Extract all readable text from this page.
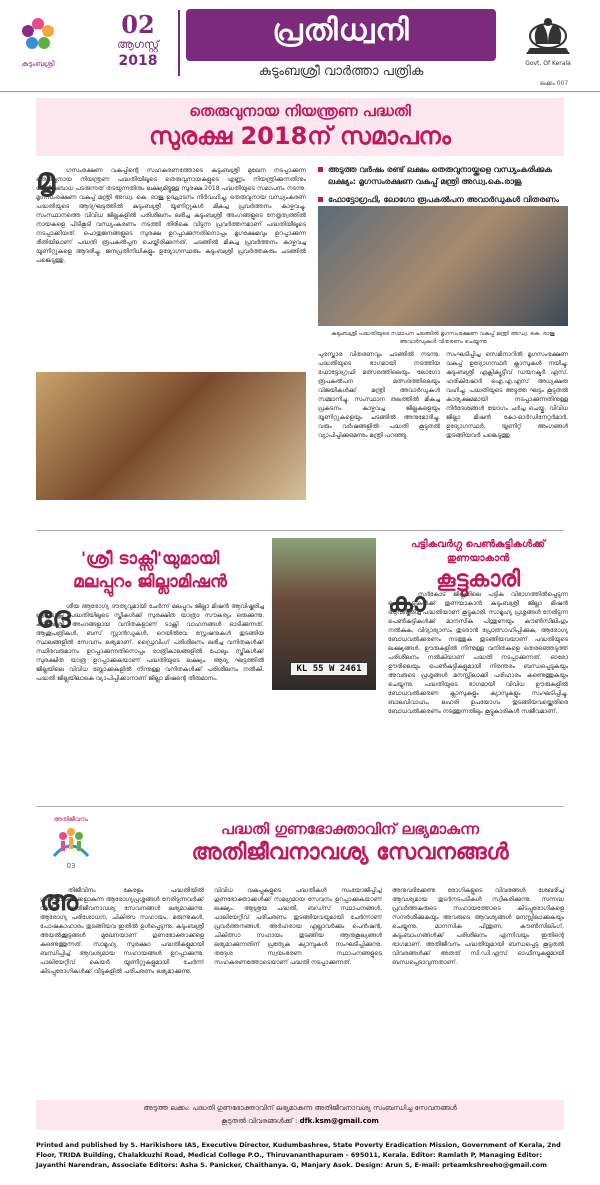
കുടുംബശ്രീ
02
ആഗസ്റ്റ്
2018
പ്രതിധ്വനി
കുടുംബശ്രീ വാർത്താ പത്രിക
Govt. Of Kerala
ലക്കം 007
തെരുവുനായ നിയന്ത്രണ പദ്ധതി
സുരക്ഷ 2018ന് സമാപനം
മൃ	ഗസംരക്ഷണ വകുപ്പിന്റെ സഹകരണത്തോടെ കുടുംബശ്രീ മുഖേന നടപ്പാക്കുന്ന തെരുവുനായ നിയന്ത്രണ പദ്ധതിയിലൂടെ തെരുവുനായകളുടെ എണ്ണം നിയന്ത്രിക്കുന്നതിനും പേവിഷബാധ പടരുന്നത് തടയുന്നതിനും ലക്ഷ്യമിട്ടുള്ള സുരക്ഷ 2018 പദ്ധതിയുടെ സമാപനം നടന്നു. മൃഗസംരക്ഷണ വകുപ്പ് മന്ത്രി അഡ്വ. കെ. രാജു ഉദ്ഘാടനം നിർവഹിച്ചു. തെരുവുനായ വന്ധ്യംകരണ പദ്ധതിയുടെ ആദ്യഘട്ടത്തിൽ കുടുംബശ്രീ യൂണിറ്റുകൾ മികച്ച പ്രവർത്തനം കാഴ്ചവച്ചു. സംസ്ഥാനത്തെ വിവിധ ജില്ലകളിൽ പരിശീലനം ലഭിച്ച കുടുംബശ്രീ അംഗങ്ങളുടെ നേതൃത്വത്തിൽ നായകളെ പിടികൂടി വന്ധ്യംകരണം നടത്തി തിരികെ വിടുന്ന പ്രവർത്തനമാണ് പദ്ധതിയിലൂടെ നടപ്പാക്കിയത്. പൊതുജനങ്ങളുടെ സുരക്ഷ ഉറപ്പാക്കുന്നതിനൊപ്പം മൃഗക്ഷേമവും ഉറപ്പാക്കുന്ന രീതിയിലാണ് പദ്ധതി രൂപകൽപ്പന ചെയ്തിരിക്കുന്നത്. ചടങ്ങിൽ മികച്ച പ്രവർത്തനം കാഴ്ചവച്ച യൂണിറ്റുകളെ ആദരിച്ചു. ജനപ്രതിനിധികളും ഉദ്യോഗസ്ഥരും കുടുംബശ്രീ പ്രവർത്തകരും ചടങ്ങിൽ പങ്കെടുത്തു.
അടുത്ത വർഷം രണ്ട് ലക്ഷം തെരുവുനായ്ക്കളെ വന്ധ്യംകരിക്കുക ലക്ഷ്യം: മൃഗസംരക്ഷണ വകുപ്പ് മന്ത്രി അഡ്വ.കെ.രാജു
ഫോട്ടോഗ്രഫി, ലോഗോ രൂപകൽപന അവാർഡുകൾ വിതരണം
കുടുംബശ്രീ പദ്ധതിയുടെ സമാപന ചടങ്ങിൽ മൃഗസംരക്ഷണ വകുപ്പ് മന്ത്രി അഡ്വ. കെ. രാജു അവാർഡുകൾ വിതരണം ചെയ്യുന്നു
പുരസ്കാര വിതരണവും ചടങ്ങിൽ നടന്നു. പദ്ധതിയുടെ ഭാഗമായി നടത്തിയ ഫോട്ടോഗ്രഫി മത്സരത്തിലെയും ലോഗോ രൂപകൽപന മത്സരത്തിലെയും വിജയികൾക്ക് മന്ത്രി അവാർഡുകൾ സമ്മാനിച്ചു. സംസ്ഥാന തലത്തിൽ മികച്ച പ്രകടനം കാഴ്ചവച്ച ജില്ലകളെയും യൂണിറ്റുകളെയും ചടങ്ങിൽ അനുമോദിച്ചു. വരും വർഷങ്ങളിൽ പദ്ധതി കൂടുതൽ വ്യാപിപ്പിക്കുമെന്നും മന്ത്രി പറഞ്ഞു.
സംഘടിപ്പിച്ച സെമിനാറിൽ മൃഗസംരക്ഷണ വകുപ്പ് ഉദ്യോഗസ്ഥർ ക്ലാസുകൾ നയിച്ചു. കുടുംബശ്രീ എക്സിക്യൂട്ടീവ് ഡയറക്ടർ എസ്. ഹരികിഷോർ ഐ.എ.എസ് അധ്യക്ഷത വഹിച്ചു. പദ്ധതിയുടെ അടുത്ത ഘട്ടം കൂടുതൽ കാര്യക്ഷമമായി നടപ്പാക്കുന്നതിനുള്ള നിർദേശങ്ങൾ യോഗം ചർച്ച ചെയ്തു. വിവിധ ജില്ലാ മിഷൻ കോ-ഓർഡിനേറ്റർമാർ, ഉദ്യോഗസ്ഥർ, യൂണിറ്റ് അംഗങ്ങൾ തുടങ്ങിയവർ പങ്കെടുത്തു.
'ശ്രീ ടാക്സി'യുമായി
മലപ്പുറം ജില്ലാമിഷൻ
ദേ
ശീയ ആരോഗ്യ ദൗത്യവുമായി ചേർന്ന് മലപ്പുറം ജില്ലാ മിഷൻ ആവിഷ്കരിച്ച ശ്രീ ടാക്സി പദ്ധതിയിലൂടെ സ്ത്രീകൾക്ക് സുരക്ഷിത യാത്രാ സൗകര്യം ഒരുക്കുന്നു. കുടുംബശ്രീ അംഗങ്ങളായ വനിതകളാണ് ടാക്സി വാഹനങ്ങൾ ഓടിക്കുന്നത്. ആശുപത്രികൾ, ബസ് സ്റ്റാൻഡുകൾ, റെയിൽവേ സ്റ്റേഷനുകൾ തുടങ്ങിയ സ്ഥലങ്ങളിൽ സേവനം ലഭ്യമാണ്. ഡ്രൈവിംഗ് പരിശീലനം ലഭിച്ച വനിതകൾക്ക് സ്ഥിരവരുമാനം ഉറപ്പാക്കുന്നതിനൊപ്പം രാത്രികാലങ്ങളിൽ പോലും സ്ത്രീകൾക്ക് സുരക്ഷിത യാത്ര ഉറപ്പാക്കുകയാണ് പദ്ധതിയുടെ ലക്ഷ്യം. ആദ്യ ഘട്ടത്തിൽ ജില്ലയിലെ വിവിധ ബ്ലോക്കുകളിൽ നിന്നുള്ള വനിതകൾക്ക് പരിശീലനം നൽകി. പദ്ധതി ജില്ലയിലാകെ വ്യാപിപ്പിക്കാനാണ് ജില്ലാ മിഷന്റെ തീരുമാനം.
KL 55 W 2461
പട്ടികവർഗ്ഗ പെൺകുട്ടികൾക്ക് തുണയാകാൻ
കൂട്ടുകാരി
കാ
സർകോട് ജില്ലയിലെ പട്ടിക വിഭാഗത്തിൽപ്പെടുന്ന പെൺകുട്ടികൾക്ക് തുണയാകാൻ കുടുംബശ്രീ ജില്ലാ മിഷൻ ആവിഷ്കരിച്ച പദ്ധതിയാണ് കൂട്ടുകാരി. സാമൂഹ്യ പ്രശ്നങ്ങൾ നേരിടുന്ന പെൺകുട്ടികൾക്ക് മാനസിക പിന്തുണയും കൗൺസിലിംഗും നൽകുക, വിദ്യാഭ്യാസം തുടരാൻ പ്രോത്സാഹിപ്പിക്കുക, ആരോഗ്യ ബോധവൽക്കരണം നടത്തുക തുടങ്ങിയവയാണ് പദ്ധതിയുടെ ലക്ഷ്യങ്ങൾ. ഊരുകളിൽ നിന്നുള്ള വനിതകളെ തെരഞ്ഞെടുത്ത് പരിശീലനം നൽകിയാണ് പദ്ധതി നടപ്പാക്കുന്നത്. ഓരോ ഊരിലെയും പെൺകുട്ടികളുമായി നിരന്തരം ബന്ധപ്പെടുകയും അവരുടെ പ്രശ്നങ്ങൾ മനസ്സിലാക്കി പരിഹാരം കണ്ടെത്തുകയും ചെയ്യുന്നു. പദ്ധതിയുടെ ഭാഗമായി വിവിധ ഊരുകളിൽ ബോധവൽക്കരണ ക്ലാസുകളും ക്യാമ്പുകളും സംഘടിപ്പിച്ചു. ബാലവിവാഹം, ലഹരി ഉപയോഗം തുടങ്ങിയവയ്ക്കെതിരെ ബോധവൽക്കരണം നടത്തുന്നതിലും കൂട്ടുകാരികൾ സജീവമാണ്.
അതിജീവനം
03
പദ്ധതി ഗുണഭോക്താവിന് ലഭ്യമാകുന്ന
അതിജീവനാവശ്യ സേവനങ്ങൾ
അ
തിജീവിനം കേരളം പദ്ധതിയിൽ ഗുണഭോക്താക്കളാകുന്ന ആരോഗ്യപ്രശ്നങ്ങൾ നേരിടുന്നവർക്ക് വിവിധ അതിജീവനാവശ്യ സേവനങ്ങൾ ലഭ്യമാക്കുന്നു. ആരോഗ്യ പരിശോധന, ചികിത്സ സഹായം, മരുന്നുകൾ, പോഷകാഹാരം തുടങ്ങിയവ ഇതിൽ ഉൾപ്പെടുന്നു. കുടുംബശ്രീ അയൽക്കൂട്ടങ്ങൾ മുഖേനയാണ് ഗുണഭോക്താക്കളെ കണ്ടെത്തുന്നത്. സാമൂഹ്യ സുരക്ഷാ പദ്ധതികളുമായി ബന്ധിപ്പിച്ച് ആവശ്യമായ സഹായങ്ങൾ ഉറപ്പാക്കുന്നു. പാലിയേറ്റീവ് കെയർ യൂണിറ്റുകളുമായി ചേർന്ന് കിടപ്പുരോഗികൾക്ക് വീടുകളിൽ പരിചരണം ലഭ്യമാക്കുന്നു.
വിവിധ വകുപ്പുകളുടെ പദ്ധതികൾ സംയോജിപ്പിച്ച് ഗുണഭോക്താക്കൾക്ക് സമഗ്രമായ സേവനം ഉറപ്പാക്കുകയാണ് ലക്ഷ്യം. ആശ്രയ പദ്ധതി, ബഡ്സ് സ്ഥാപനങ്ങൾ, പാലിയേറ്റീവ് പരിചരണം തുടങ്ങിയവയുമായി ചേർന്നാണ് പ്രവർത്തനങ്ങൾ. അർഹരായ എല്ലാവർക്കും പെൻഷൻ, ചികിത്സാ സഹായം തുടങ്ങിയ ആനുകൂല്യങ്ങൾ ലഭ്യമാക്കുന്നതിന് പ്രത്യേക ക്യാമ്പുകൾ സംഘടിപ്പിക്കുന്നു. തദ്ദേശ സ്വയംഭരണ സ്ഥാപനങ്ങളുടെ സഹകരണത്തോടെയാണ് പദ്ധതി നടപ്പാക്കുന്നത്.
അനുവദിക്കേണ്ട രോഗികളുടെ വിവരങ്ങൾ ശേഖരിച്ച് ആവശ്യമായ തുടർനടപടികൾ സ്വീകരിക്കുന്നു. സന്നദ്ധ പ്രവർത്തകരുടെ സഹായത്തോടെ കിടപ്പുരോഗികളെ സന്ദർശിക്കുകയും അവരുടെ ആവശ്യങ്ങൾ മനസ്സിലാക്കുകയും ചെയ്യുന്നു. മാനസിക പിന്തുണ, കൗൺസിലിംഗ്, കുടുംബാംഗങ്ങൾക്ക് പരിശീലനം എന്നിവയും ഇതിന്റെ ഭാഗമാണ്. അതിജീവനം പദ്ധതിയുമായി ബന്ധപ്പെട്ട കൂടുതൽ വിവരങ്ങൾക്ക് അതത് സി.ഡി.എസ് ഓഫീസുകളുമായി ബന്ധപ്പെടാവുന്നതാണ്.
അടുത്ത ലക്കം: പദ്ധതി ഗുണഭോക്താവിന് ലഭ്യമാകുന്ന അതിജീവനാവശ്യ സംബന്ധിച്ച സേവനങ്ങൾ
കൂടുതൽ വിവരങ്ങൾക്ക് : dfk.ksm@gmail.com
Printed and published by S. Harikishore IAS, Executive Director, Kudumbashree, State Poverty Eradication Mission, Government of Kerala, 2nd Floor, TRIDA Building, Chalakkuzhi Road, Medical College P.O., Thiruvananthapuram - 695011, Kerala. Editor: Ramlath P, Managing Editor: Jayanthi Narendran, Associate Editors: Asha S. Panicker, Chaithanya. G, Manjary Asok. Design: Arun S, E-mail: prteamkshreeho@gmail.com
